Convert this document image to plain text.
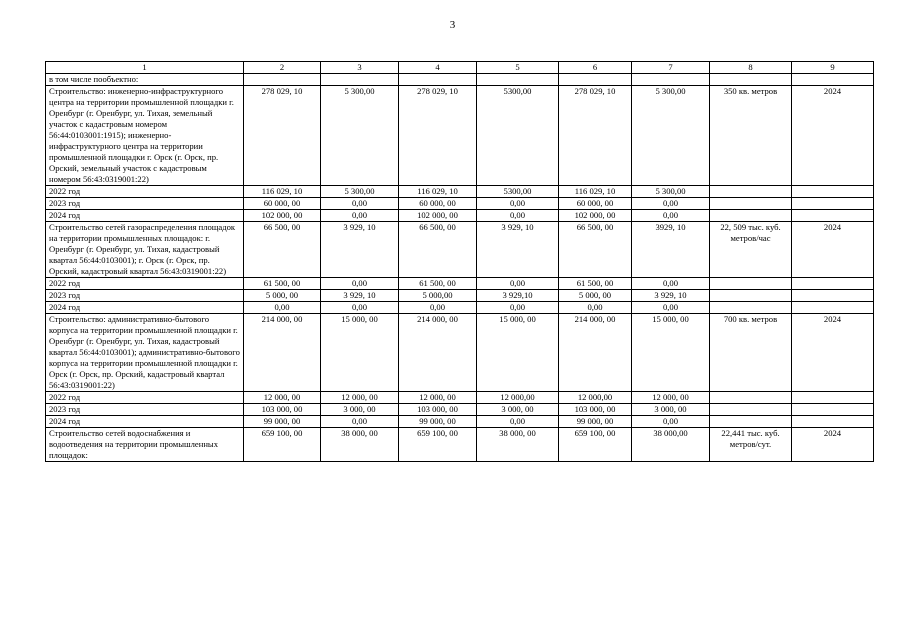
3
1	2	3	4	5	6	7	8	9
в том числе пообъектно:								
Строительство: инженерно-инфраструктурного центра на территории промышленной площадки г. Оренбург (г. Оренбург, ул. Тихая, земельный участок с кадастровым номером 56:44:0103001:1915); инженерно-инфраструктурного центра на территории промышленной площадки г. Орск (г. Орск, пр. Орский, земельный участок с кадастровым номером 56:43:0319001:22)	278 029, 10	5 300,00	278 029, 10	5300,00	278 029, 10	5 300,00	350 кв. метров	2024
2022 год	116 029, 10	5 300,00	116 029, 10	5300,00	116 029, 10	5 300,00		
2023 год	60 000, 00	0,00	60 000, 00	0,00	60 000, 00	0,00		
2024 год	102 000, 00	0,00	102 000, 00	0,00	102 000, 00	0,00		
Строительство сетей газораспределения площадок на территории промышленных площадок: г. Оренбург (г. Оренбург, ул. Тихая, кадастровый квартал 56:44:0103001); г. Орск (г. Орск, пр. Орский, кадастровый квартал 56:43:0319001:22)	66 500, 00	3 929, 10	66 500, 00	3 929, 10	66 500, 00	3929, 10	22, 509 тыс. куб. метров/час	2024
2022 год	61 500, 00	0,00	61 500, 00	0,00	61 500, 00	0,00		
2023 год	5 000, 00	3 929, 10	5 000,00	3 929,10	5 000, 00	3 929, 10		
2024 год	0,00	0,00	0,00	0,00	0,00	0,00		
Строительство: административно-бытового корпуса на территории промышленной площадки г. Оренбург (г. Оренбург, ул. Тихая, кадастровый квартал 56:44:0103001); административно-бытового корпуса на территории промышленной площадки г. Орск (г. Орск, пр. Орский, кадастровый квартал 56:43:0319001:22)	214 000, 00	15 000, 00	214 000, 00	15 000, 00	214 000, 00	15 000, 00	700 кв. метров	2024
2022 год	12 000, 00	12 000, 00	12 000, 00	12 000,00	12 000,00	12 000, 00		
2023 год	103 000, 00	3 000, 00	103 000, 00	3 000, 00	103 000, 00	3 000, 00		
2024 год	99 000, 00	0,00	99 000, 00	0,00	99 000, 00	0,00		
Строительство сетей водоснабжения и водоотведения на территории промышленных площадок:	659 100, 00	38 000, 00	659 100, 00	38 000, 00	659 100, 00	38 000,00	22,441 тыс. куб. метров/сут.	2024
